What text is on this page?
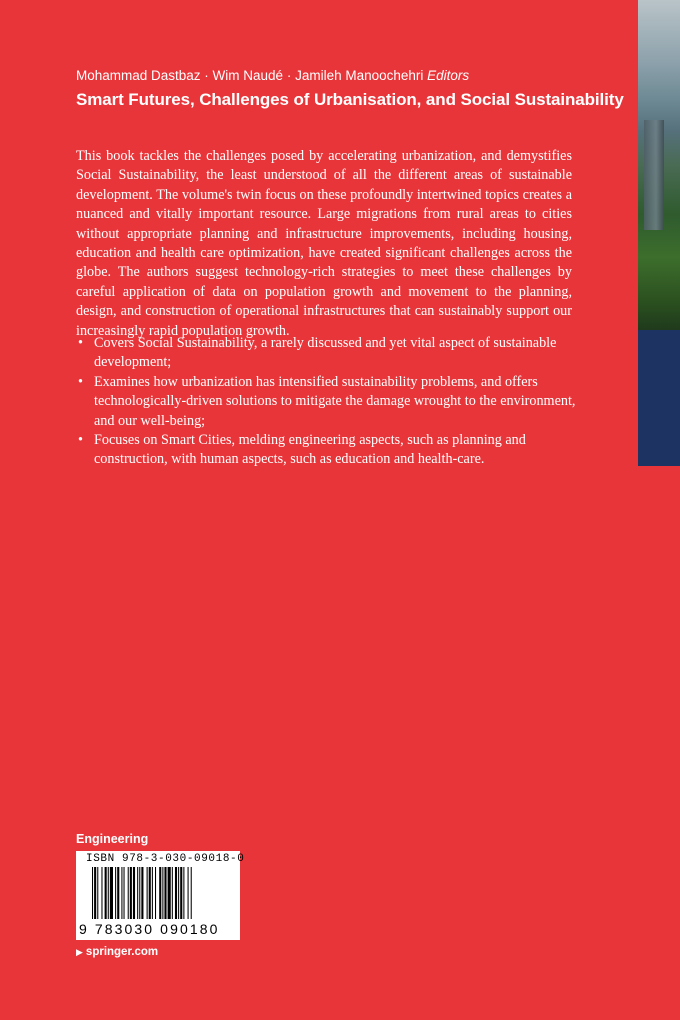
Mohammad Dastbaz · Wim Naudé · Jamileh Manoochehri Editors
Smart Futures, Challenges of Urbanisation, and Social Sustainability

This book tackles the challenges posed by accelerating urbanization, and demystifies Social Sustainability, the least understood of all the different areas of sustainable development. The volume's twin focus on these profoundly intertwined topics creates a nuanced and vitally important resource. Large migrations from rural areas to cities without appropriate planning and infrastructure improvements, including housing, education and health care optimization, have created significant challenges across the globe. The authors suggest technology-rich strategies to meet these challenges by careful application of data on population growth and movement to the planning, design, and construction of operational infrastructures that can sustainably support our increasingly rapid population growth.

• Covers Social Sustainability, a rarely discussed and yet vital aspect of sustainable development;
• Examines how urbanization has intensified sustainability problems, and offers technologically-driven solutions to mitigate the damage wrought to the environment, and our well-being;
• Focuses on Smart Cities, melding engineering aspects, such as planning and construction, with human aspects, such as education and health-care.
Engineering
ISBN 978-3-030-09018-0
9 783030 090180
▶ springer.com
